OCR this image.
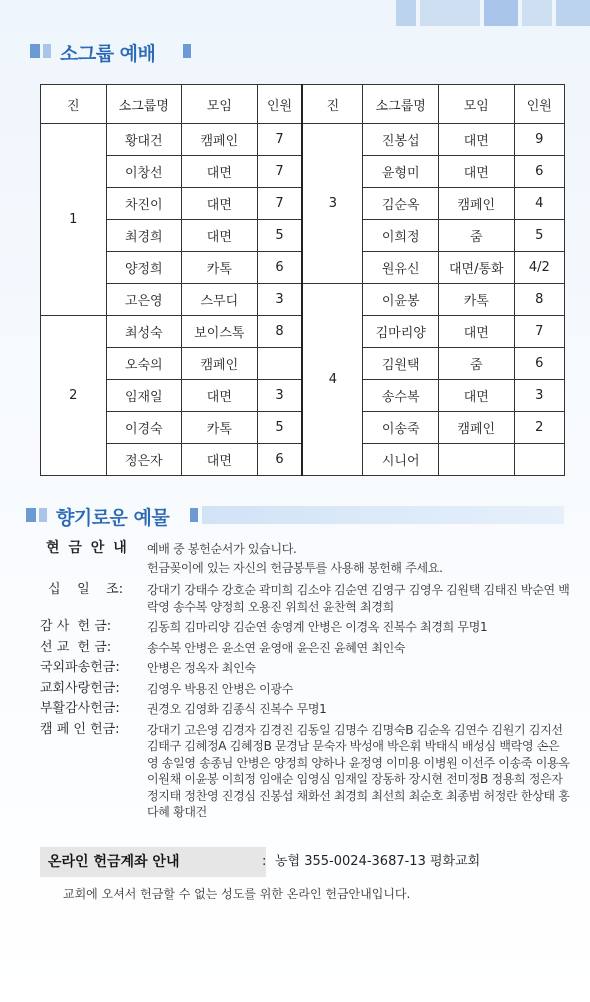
소그룹 예배
진	소그룹명	모임	인원	진	소그룹명	모임	인원
1	황대건	캠페인	7	3	진봉섭	대면	9
	이창선	대면	7		윤형미	대면	6
	차진이	대면	7		김순옥	캠페인	4
	최경희	대면	5		이희정	줌	5
	양정희	카톡	6		원유신	대면/통화	4/2
	고은영	스무디	3	4	이윤봉	카톡	8
2	최성숙	보이스톡	8		김마리양	대면	7
	오숙의	캠페인			김원택	줌	6
	임재일	대면	3		송수복	대면	3
	이경숙	카톡	5		이송죽	캠페인	2
	정은자	대면	6		시니어		
향기로운 예물
현 금 안 내 예배 중 봉헌순서가 있습니다.
헌금꽂이에 있는 자신의 헌금봉투를 사용해 봉헌해 주세요.
십    일    조: 강대기 강태수 강호순 곽미희 김소야 김순연 김영구 김영우 김원택 김태진 박순연 백락영 송수복 양정희 오용진 위희선 윤찬혁 최경희
감 사  헌 금:	김동희 김마리양 김순연 송영계 안병은 이경옥 진복수 최경희 무명1
선 교  헌 금:	송수복 안병은 윤소연 윤영애 윤은진 윤혜연 최인숙
국외파송헌금: 안병은 정옥자 최인숙
교회사랑헌금: 김영우 박용진 안병은 이광수
부활감사헌금: 권경오 김영화 김종식 진복수 무명1
캠 페 인 헌금: 강대기 고은영 김경자 김경진 김동일 김명수 김명숙B 김순옥 김연수 김원기 김지선 김태구 김혜정A 김혜정B 문경남 문숙자 박성애 박은휘 박태식 배성심 백락영 손은영 송일영 송종님 안병은 양정희 양하나 윤정영 이미용 이병원 이선주 이송죽 이용옥 이원채 이윤봉 이희정 임애순 임영심 임재일 장동하 장시현 전미정B 정용희 정은자 정지태 정찬영 진경심 진봉섭 채화선 최경희 최선희 최순호 최종범 허정란 한상태 홍다혜 황대건
온라인 헌금계좌 안내	: 농협 355-0024-3687-13 평화교회
교회에 오셔서 헌금할 수 없는 성도를 위한 온라인 헌금안내입니다.
